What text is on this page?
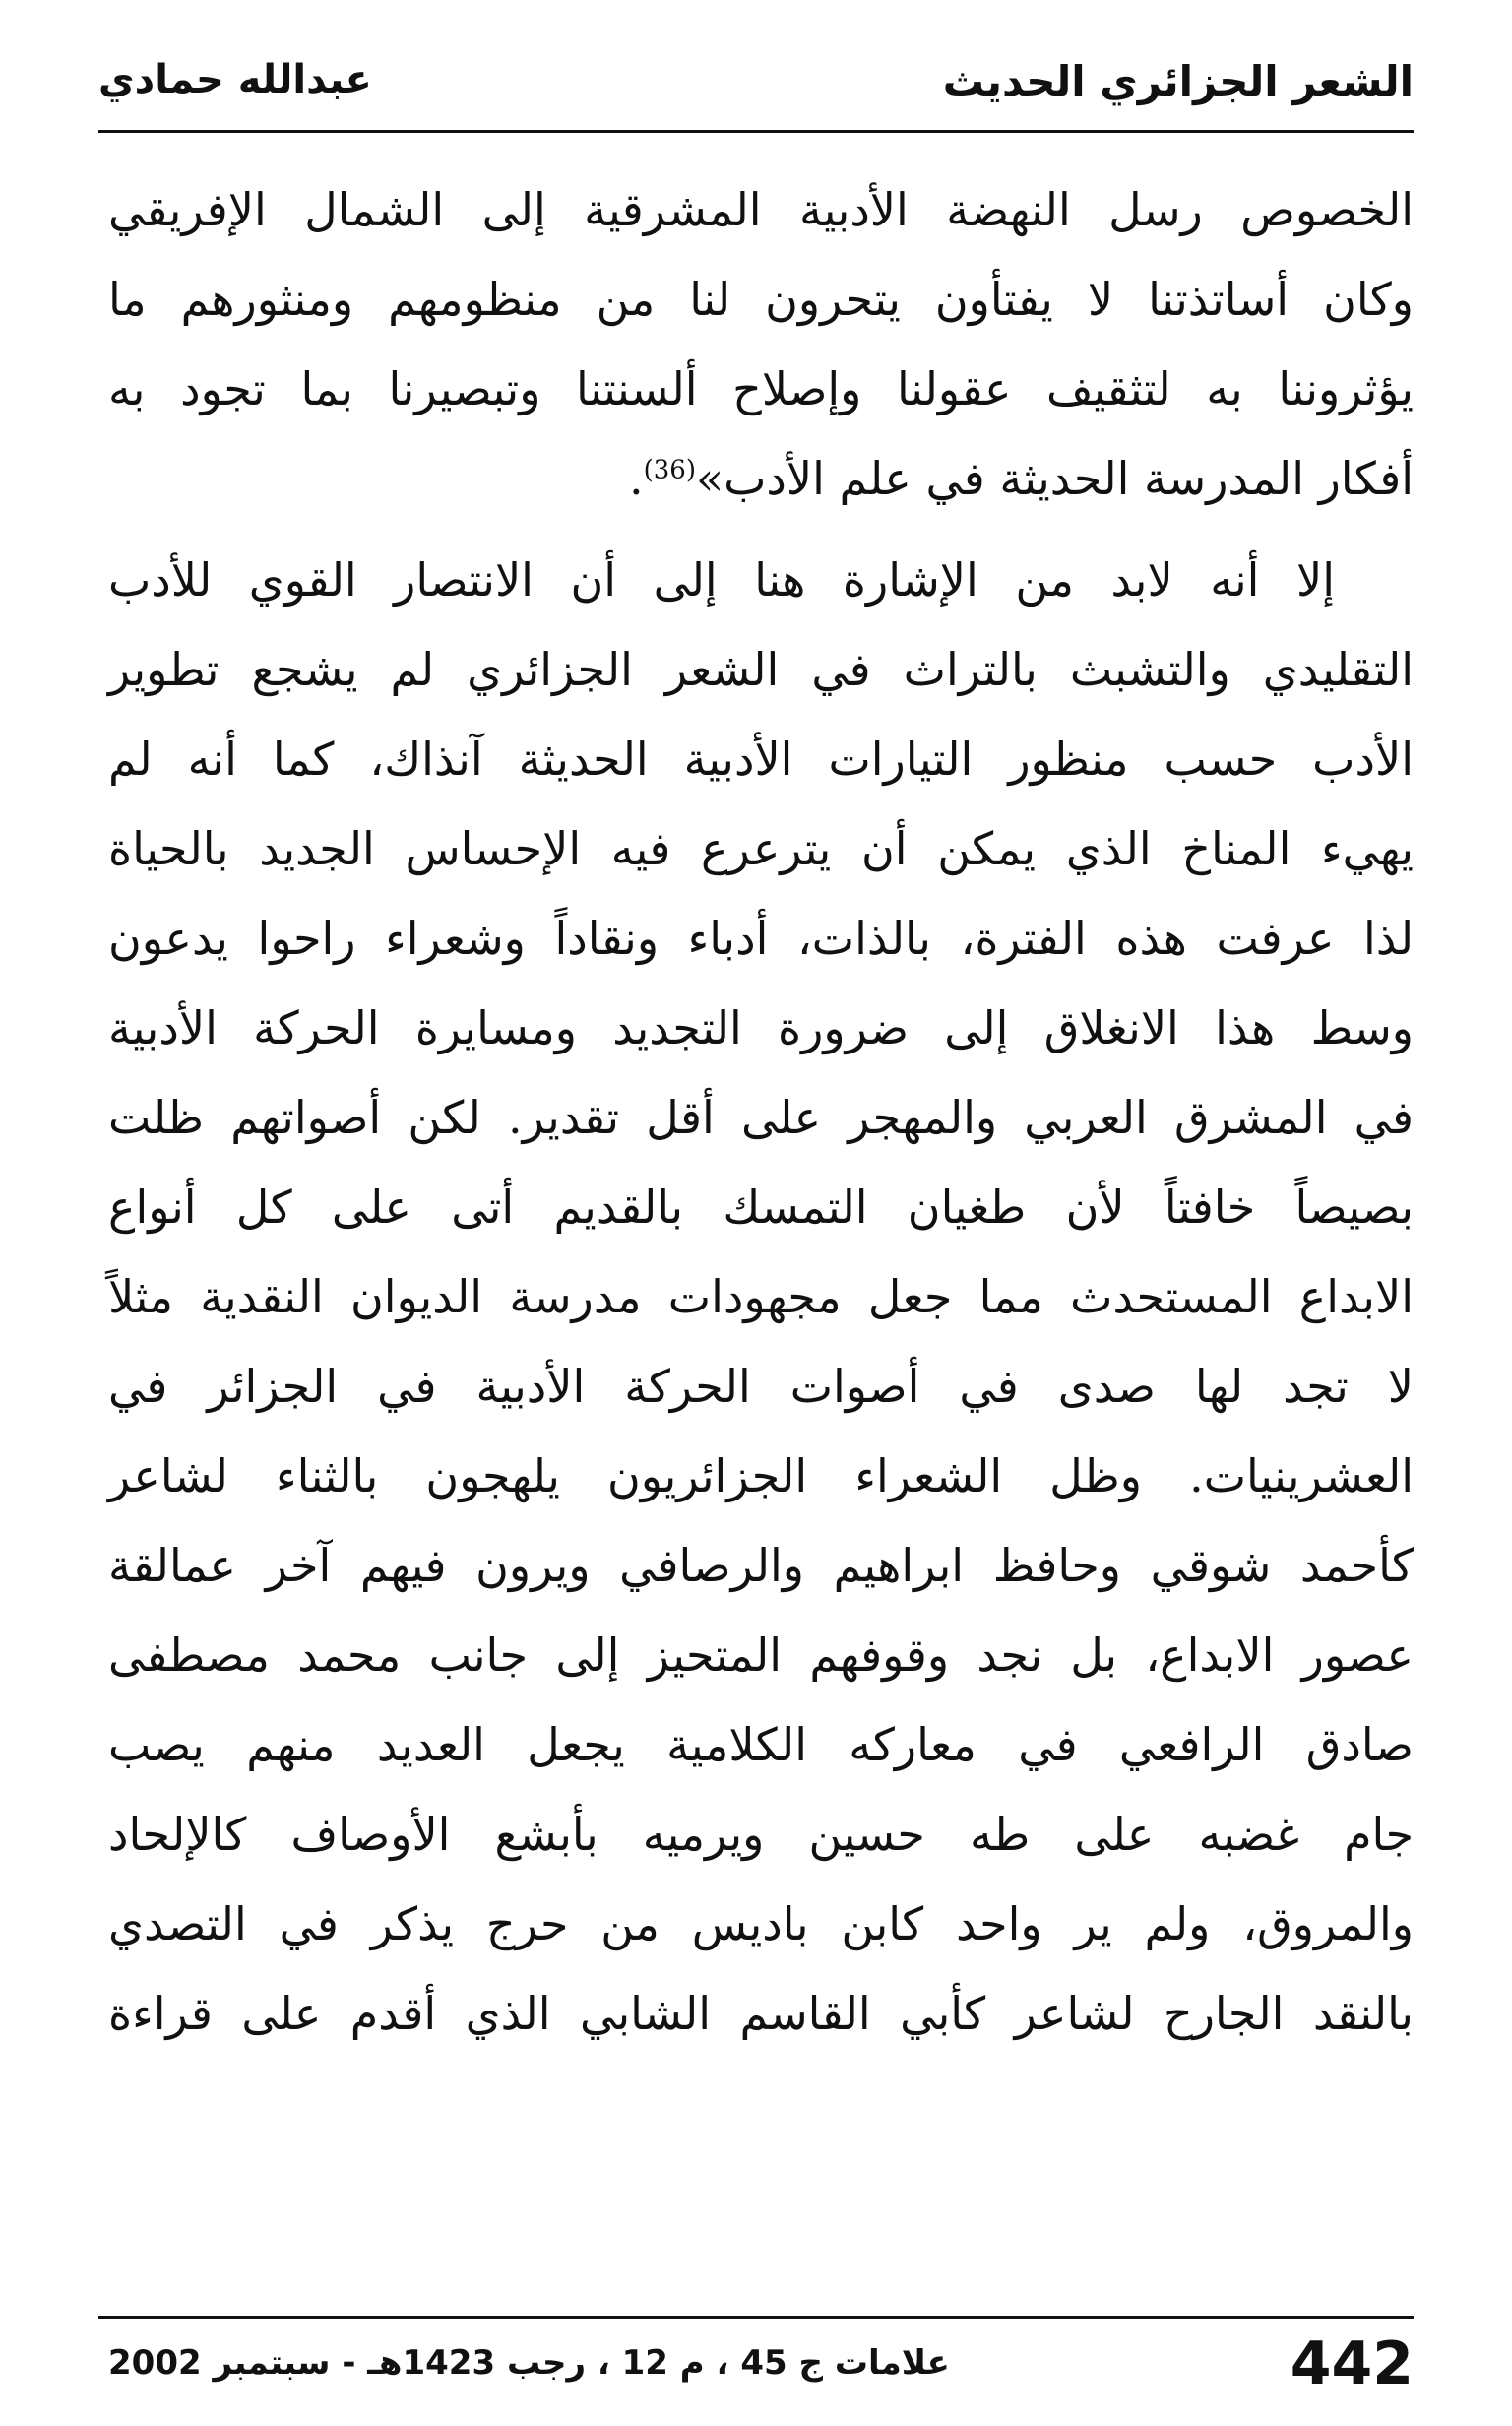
الشعر الجزائري الحديث
عبدالله حمادي
الخصوص رسل النهضة الأدبية المشرقية إلى الشمال الإفريقي
وكان أساتذتنا لا يفتأون يتحرون لنا من منظومهم ومنثورهم ما
يؤثروننا به لتثقيف عقولنا وإصلاح ألسنتنا وتبصيرنا بما تجود به
أفكار المدرسة الحديثة في علم الأدب»$^{(36)}$.
إلا أنه لابد من الإشارة هنا إلى أن الانتصار القوي للأدب
التقليدي والتشبث بالتراث في الشعر الجزائري لم يشجع تطوير
الأدب حسب منظور التيارات الأدبية الحديثة آنذاك، كما أنه لم
يهيء المناخ الذي يمكن أن يترعرع فيه الإحساس الجديد بالحياة
لذا عرفت هذه الفترة، بالذات، أدباء ونقاداً وشعراء راحوا يدعون
وسط هذا الانغلاق إلى ضرورة التجديد ومسايرة الحركة الأدبية
في المشرق العربي والمهجر على أقل تقدير. لكن أصواتهم ظلت
بصيصاً خافتاً لأن طغيان التمسك بالقديم أتى على كل أنواع
الابداع المستحدث مما جعل مجهودات مدرسة الديوان النقدية مثلاً
لا تجد لها صدى في أصوات الحركة الأدبية في الجزائر في
العشرينيات. وظل الشعراء الجزائريون يلهجون بالثناء لشاعر
كأحمد شوقي وحافظ ابراهيم والرصافي ويرون فيهم آخر عمالقة
عصور الابداع، بل نجد وقوفهم المتحيز إلى جانب محمد مصطفى
صادق الرافعي في معاركه الكلامية يجعل العديد منهم يصب
جام غضبه على طه حسين ويرميه بأبشع الأوصاف كالإلحاد
والمروق، ولم ير واحد كابن باديس من حرج يذكر في التصدي
بالنقد الجارح لشاعر كأبي القاسم الشابي الذي أقدم على قراءة
442
علامات ج 45 ، م 12 ، رجب 1423هـ - سبتمبر 2002
